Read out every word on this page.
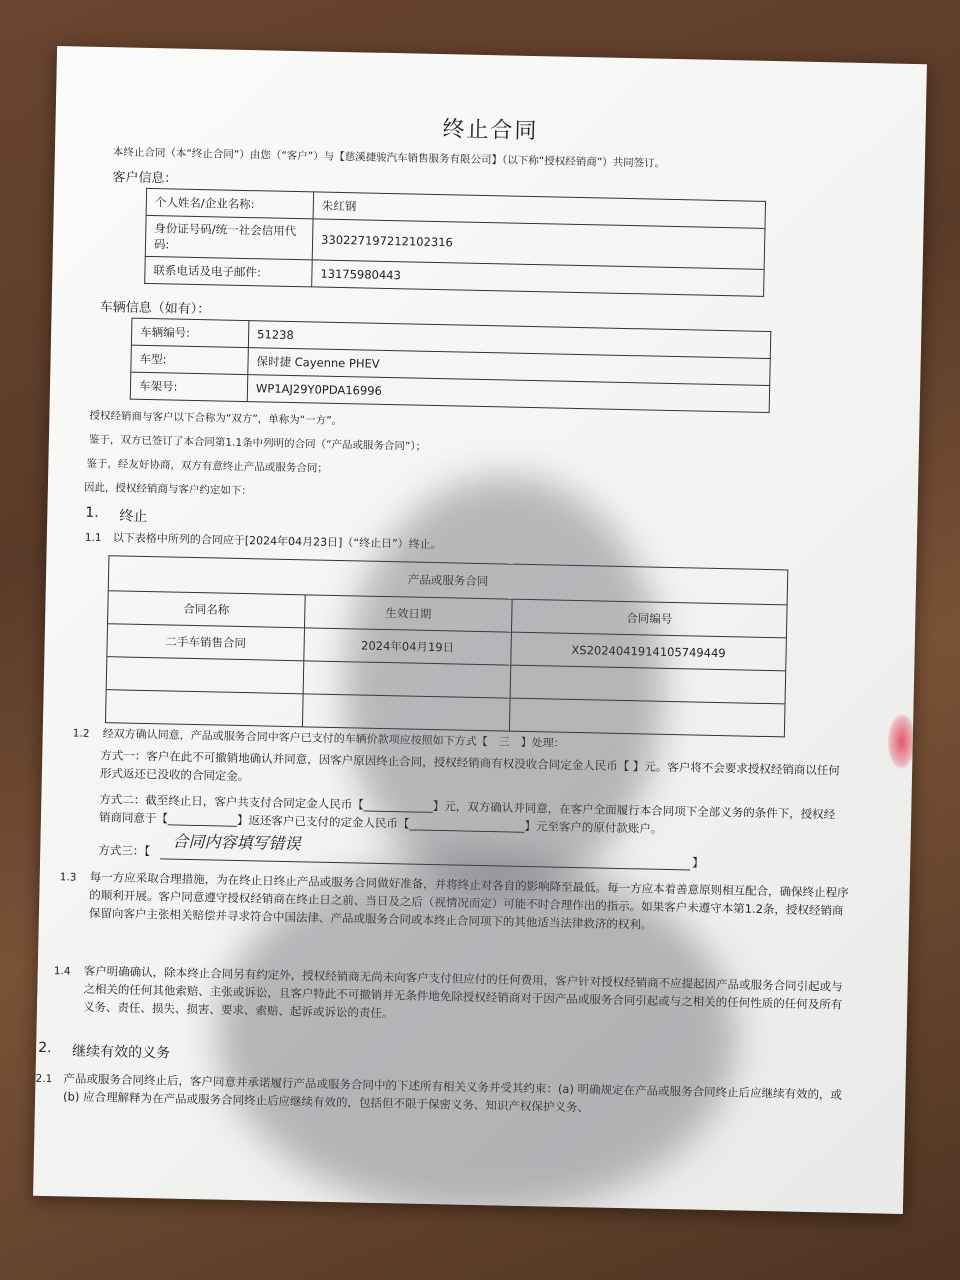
终止合同
本终止合同（本“终止合同”）由您（“客户”）与【慈溪捷骏汽车销售服务有限公司】（以下称“授权经销商”）共同签订。
客户信息：
个人姓名/企业名称:	朱红钢
身份证号码/统一社会信用代码:	330227197212102316
联系电话及电子邮件:	13175980443
车辆信息（如有）：
车辆编号:	51238
车型:	保时捷 Cayenne PHEV
车架号:	WP1AJ29Y0PDA16996
授权经销商与客户以下合称为“双方”，单称为“一方”。
鉴于，双方已签订了本合同第1.1条中列明的合同（“产品或服务合同”）；
鉴于，经友好协商，双方有意终止产品或服务合同；
因此，授权经销商与客户约定如下：
1. 终止
1.1 以下表格中所列的合同应于[2024年04月23日]（“终止日”）终止。
产品或服务合同		
合同名称	生效日期	合同编号
二手车销售合同	2024年04月19日	XS2024041914105749449

1.2 经双方确认同意，产品或服务合同中客户已支付的车辆价款项应按照如下方式【　三　】处理：
方式一：客户在此不可撤销地确认并同意，因客户原因终止合同，授权经销商有权没收合同定金人民币【 】元。客户将不会要求授权经销商以任何形式返还已没收的合同定金。
方式二：截至终止日，客户共支付合同定金人民币【____________】元，双方确认并同意，在客户全面履行本合同项下全部义务的条件下，授权经销商同意于【____________】返还客户已支付的定金人民币【____________________】元至客户的原付款账户。
方式三：【 合同内容填写错误
】
1.3 每一方应采取合理措施，为在终止日终止产品或服务合同做好准备，并将终止对各自的影响降至最低。每一方应本着善意原则相互配合，确保终止程序的顺利开展。客户同意遵守授权经销商在终止日之前、当日及之后（视情况而定）可能不时合理作出的指示。如果客户未遵守本第1.2条，授权经销商保留向客户主张相关赔偿并寻求符合中国法律、产品或服务合同或本终止合同项下的其他适当法律救济的权利。
1.4 客户明确确认，除本终止合同另有约定外，授权经销商无尚未向客户支付但应付的任何费用，客户针对授权经销商不应提起因产品或服务合同引起或与之相关的任何其他索赔、主张或诉讼，且客户特此不可撤销并无条件地免除授权经销商对于因产品或服务合同引起或与之相关的任何性质的任何及所有义务、责任、损失、损害、要求、索赔、起诉或诉讼的责任。
2. 继续有效的义务
2.1 产品或服务合同终止后，客户同意并承诺履行产品或服务合同中的下述所有相关义务并受其约束：(a) 明确规定在产品或服务合同终止后应继续有效的，或 (b) 应合理解释为在产品或服务合同终止后应继续有效的，包括但不限于保密义务、知识产权保护义务、
